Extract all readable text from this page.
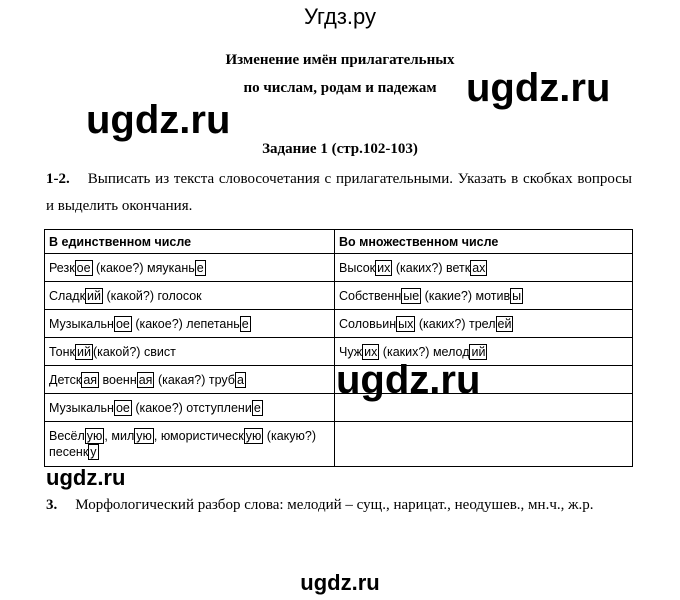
Угдз.ру
Изменение имён прилагательных
по числам, родам и падежам ugdz.ru
ugdz.ru
Задание 1 (стр.102-103)
1-2. Выписать из текста словосочетания с прилагательными. Указать в скобках вопросы и выделить окончания.
В единственном числе	Во множественном числе
Резк ое (какое?) мяукань е	Высок их (каких?) ветк ах
Сладк ий (какой?) голосок	Собственн ые (какие?) мотив ы
Музыкальн ое (какое?) лепетань е	Соловьин ых (каких?) трел ей
Тонк ий (какой?) свист	Чуж их (каких?) мелод ий
Детск ая военн ая (какая?) труб а	
Музыкальн ое (какое?) отступлени е	
Весёл ую , мил ую , юмористическ ую (какую?) песенк у	
ugdz.ru
ugdz.ru
3. Морфологический разбор слова: мелодий – сущ., нарицат., неодушев., мн.ч., ж.р.
ugdz.ru
